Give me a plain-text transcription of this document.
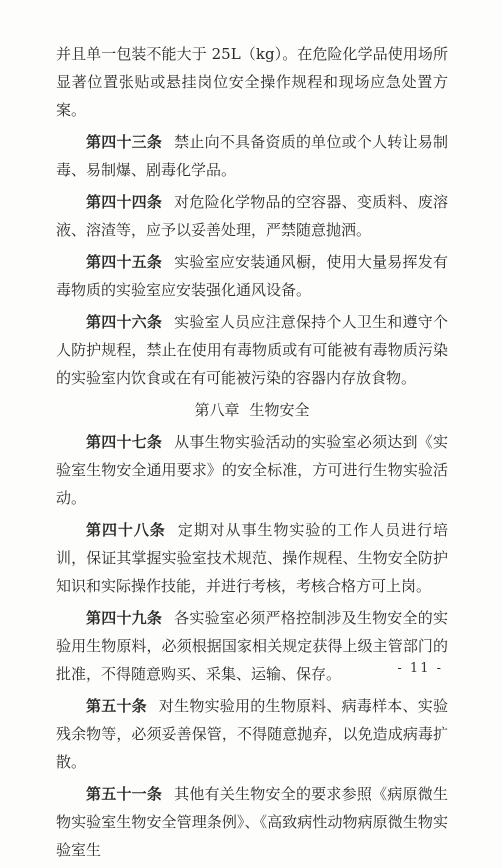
并且单一包装不能大于 25L（kg）。在危险化学品使用场所显著位置张贴或悬挂岗位安全操作规程和现场应急处置方案。

第四十三条 禁止向不具备资质的单位或个人转让易制毒、易制爆、剧毒化学品。

第四十四条 对危险化学物品的空容器、变质料、废溶液、溶渣等，应予以妥善处理，严禁随意抛洒。

第四十五条 实验室应安装通风橱，使用大量易挥发有毒物质的实验室应安装强化通风设备。

第四十六条 实验室人员应注意保持个人卫生和遵守个人防护规程，禁止在使用有毒物质或有可能被有毒物质污染的实验室内饮食或在有可能被污染的容器内存放食物。

第八章 生物安全

第四十七条 从事生物实验活动的实验室必须达到《实验室生物安全通用要求》的安全标准，方可进行生物实验活动。

第四十八条 定期对从事生物实验的工作人员进行培训，保证其掌握实验室技术规范、操作规程、生物安全防护知识和实际操作技能，并进行考核，考核合格方可上岗。

第四十九条 各实验室必须严格控制涉及生物安全的实验用生物原料，必须根据国家相关规定获得上级主管部门的批准，不得随意购买、采集、运输、保存。

第五十条 对生物实验用的生物原料、病毒样本、实验残余物等，必须妥善保管，不得随意抛弃，以免造成病毒扩散。

第五十一条 其他有关生物安全的要求参照《病原微生物实验室生物安全管理条例》、《高致病性动物病原微生物实验室生

- 11 -
